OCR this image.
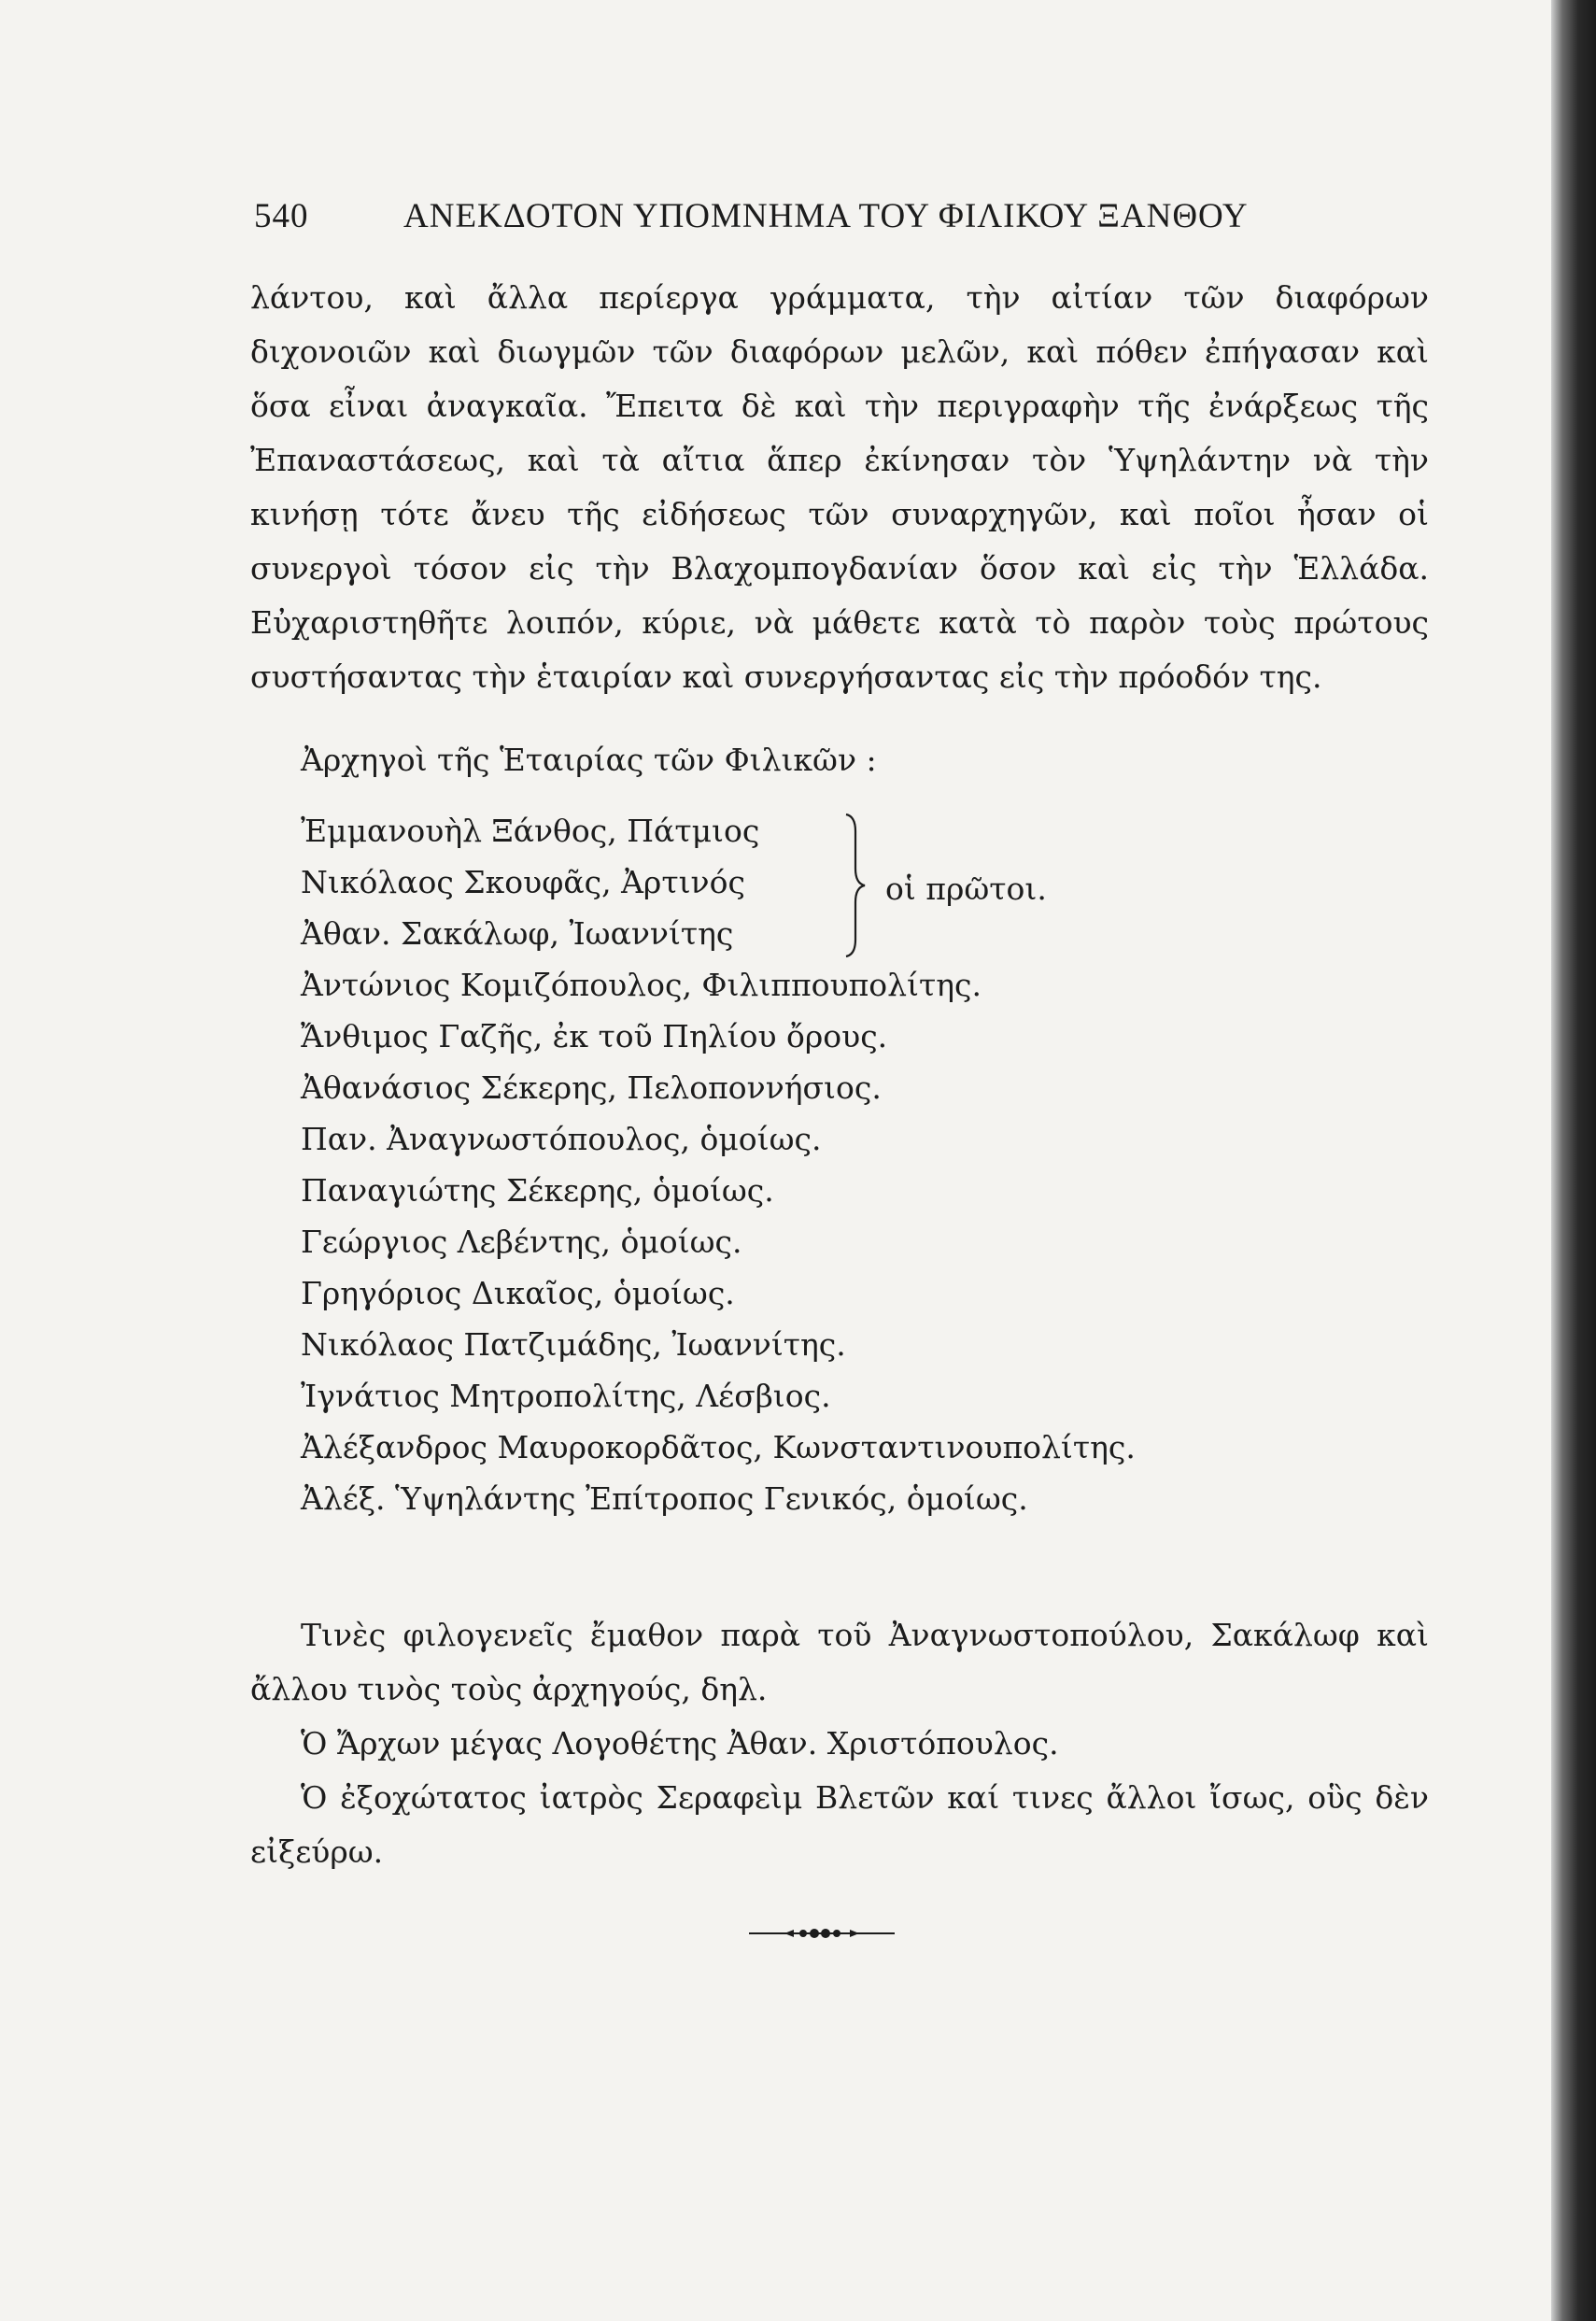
540	ΑΝΕΚΔΟΤΟΝ ΥΠΟΜΝΗΜΑ ΤΟΥ ΦΙΛΙΚΟΥ ΞΑΝΘΟΥ
λάντου, καὶ ἄλλα περίεργα γράμματα, τὴν αἰτίαν τῶν διαφόρων διχονοιῶν καὶ διωγμῶν τῶν διαφόρων μελῶν, καὶ πόθεν ἐπήγασαν καὶ ὅσα εἶναι ἀναγκαῖα. Ἔπειτα δὲ καὶ τὴν περιγραφὴν τῆς ἐνάρξεως τῆς Ἐπαναστάσεως, καὶ τὰ αἴτια ἅπερ ἐκίνησαν τὸν Ὑψηλάντην νὰ τὴν κινήσῃ τότε ἄνευ τῆς εἰδήσεως τῶν συναρχηγῶν, καὶ ποῖοι ἦσαν οἱ συνεργοὶ τόσον εἰς τὴν Βλαχομπογδανίαν ὅσον καὶ εἰς τὴν Ἑλλάδα. Εὐχαριστηθῆτε λοιπόν, κύριε, νὰ μάθετε κατὰ τὸ παρὸν τοὺς πρώτους συστήσαντας τὴν ἑταιρίαν καὶ συνεργήσαντας εἰς τὴν πρόοδόν της.
Ἀρχηγοὶ τῆς Ἑταιρίας τῶν Φιλικῶν :
Ἐμμανουὴλ Ξάνθος, Πάτμιος
Νικόλαος Σκουφᾶς, Ἀρτινός
Ἀθαν. Σακάλωφ, Ἰωαννίτης
οἱ πρῶτοι.
Ἀντώνιος Κομιζόπουλος, Φιλιππουπολίτης.
Ἄνθιμος Γαζῆς, ἐκ τοῦ Πηλίου ὄρους.
Ἀθανάσιος Σέκερης, Πελοποννήσιος.
Παν. Ἀναγνωστόπουλος, ὁμοίως.
Παναγιώτης Σέκερης, ὁμοίως.
Γεώργιος Λεβέντης, ὁμοίως.
Γρηγόριος Δικαῖος, ὁμοίως.
Νικόλαος Πατζιμάδης, Ἰωαννίτης.
Ἰγνάτιος Μητροπολίτης, Λέσβιος.
Ἀλέξανδρος Μαυροκορδᾶτος, Κωνσταντινουπολίτης.
Ἀλέξ. Ὑψηλάντης Ἐπίτροπος Γενικός, ὁμοίως.
Τινὲς φιλογενεῖς ἔμαθον παρὰ τοῦ Ἀναγνωστοπούλου, Σακάλωφ καὶ ἄλλου τινὸς τοὺς ἀρχηγούς, δηλ.
Ὁ Ἄρχων μέγας Λογοθέτης Ἀθαν. Χριστόπουλος.
Ὁ ἐξοχώτατος ἰατρὸς Σεραφεὶμ Βλετῶν καί τινες ἄλλοι ἴσως, οὓς δὲν εἰξεύρω.
